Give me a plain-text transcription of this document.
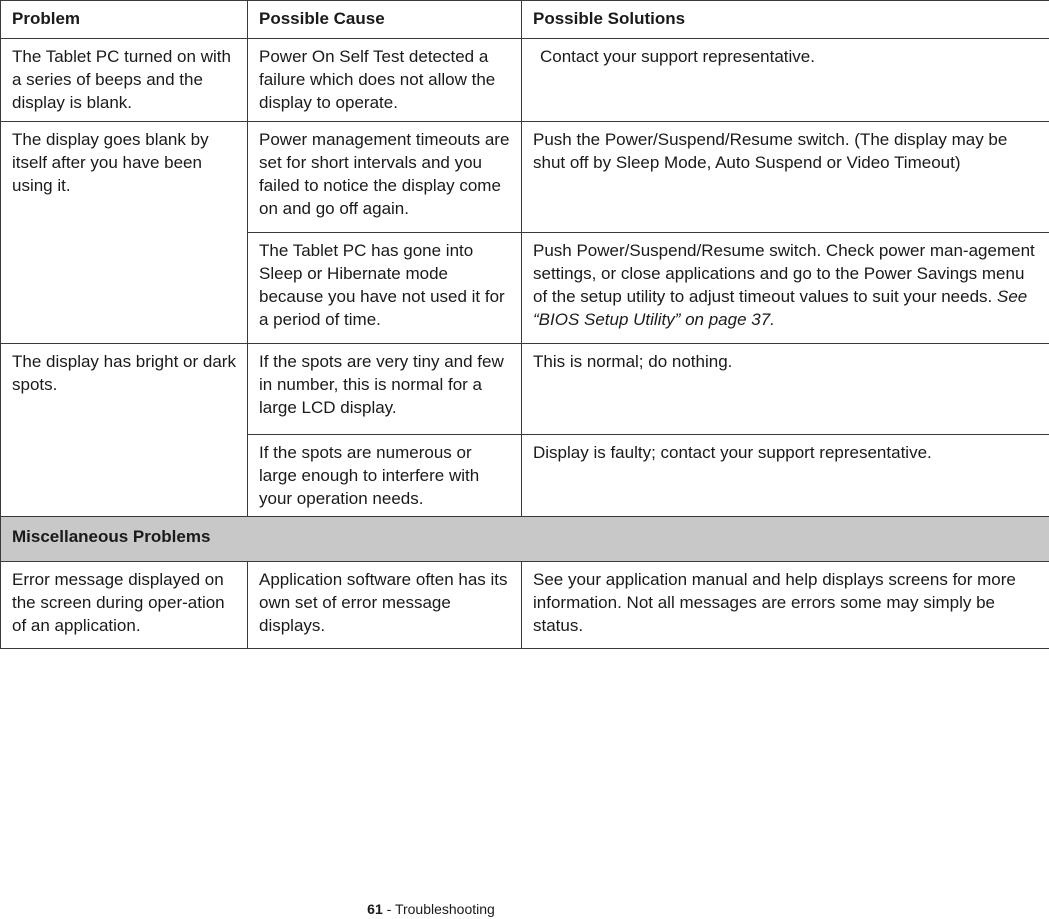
Problem	Possible Cause	Possible Solutions
The Tablet PC turned on with a series of beeps and the display is blank.	Power On Self Test detected a failure which does not allow the display to operate.	Contact your support representative.
The display goes blank by itself after you have been using it.	Power management timeouts are set for short intervals and you failed to notice the display come on and go off again.	Push the Power/Suspend/Resume switch. (The display may be shut off by Sleep Mode, Auto Suspend or Video Timeout)
	The Tablet PC has gone into Sleep or Hibernate mode because you have not used it for a period of time.	Push Power/Suspend/Resume switch. Check power man-agement settings, or close applications and go to the Power Savings menu of the setup utility to adjust timeout values to suit your needs. See “BIOS Setup Utility” on page 37.
The display has bright or dark spots.	If the spots are very tiny and few in number, this is normal for a large LCD display.	This is normal; do nothing.
	If the spots are numerous or large enough to interfere with your operation needs.	Display is faulty; contact your support representative.
Miscellaneous Problems		
Error message displayed on the screen during oper-ation of an application.	Application software often has its own set of error message displays.	See your application manual and help displays screens for more information. Not all messages are errors some may simply be status.
61 - Troubleshooting
